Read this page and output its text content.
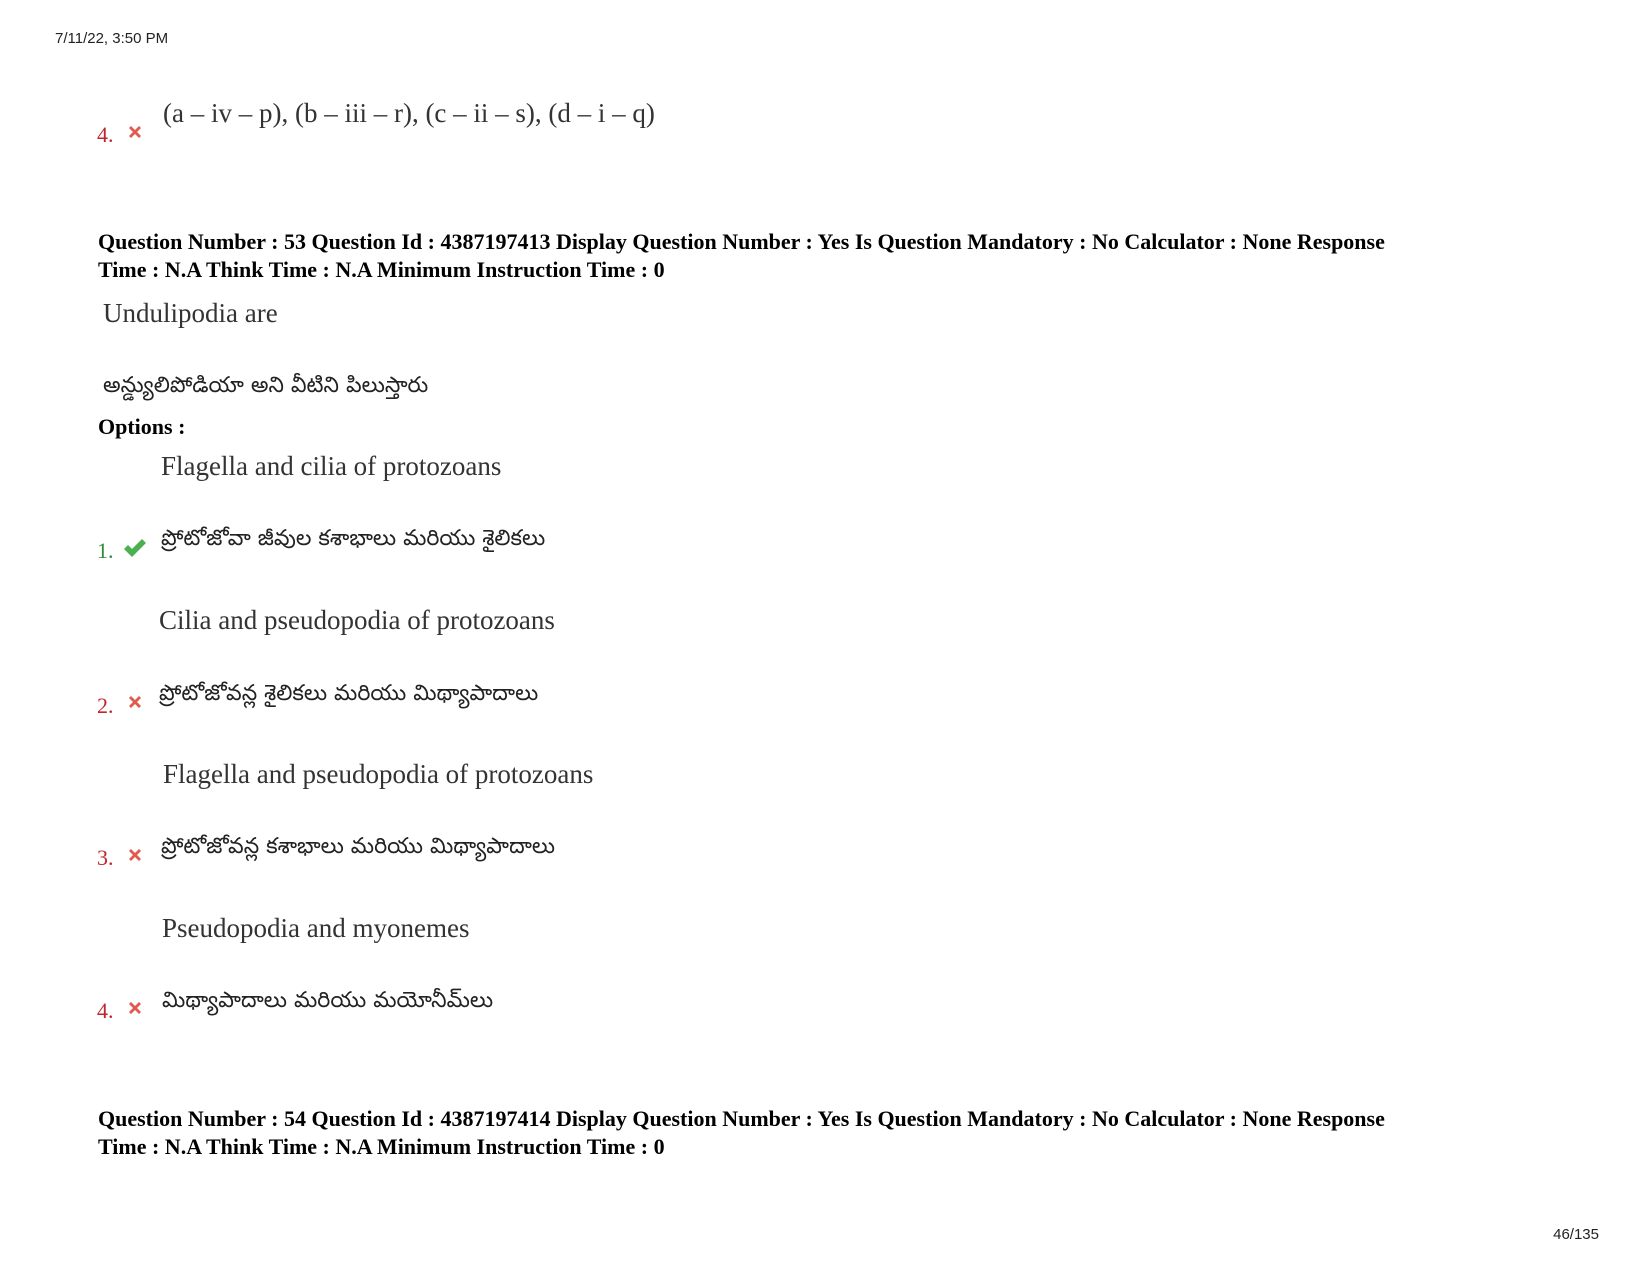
7/11/22, 3:50 PM
4.
(a – iv – p), (b – iii – r), (c – ii – s), (d – i – q)
Question Number : 53 Question Id : 4387197413 Display Question Number : Yes Is Question Mandatory : No Calculator : None Response
Time : N.A Think Time : N.A Minimum Instruction Time : 0
Undulipodia are
అన్డ్యులిపోడియా అని వీటిని పిలుస్తారు
Options :
Flagella and cilia of protozoans
ప్రోటోజోవా జీవుల కశాభాలు మరియు శైలికలు
1.
Cilia and pseudopodia of protozoans
ప్రోటోజోవన్ల శైలికలు మరియు మిథ్యాపాదాలు
2.
Flagella and pseudopodia of protozoans
ప్రోటోజోవన్ల కశాభాలు మరియు మిథ్యాపాదాలు
3.
Pseudopodia and myonemes
మిథ్యాపాదాలు మరియు మయోనీమ్‌లు
4.
Question Number : 54 Question Id : 4387197414 Display Question Number : Yes Is Question Mandatory : No Calculator : None Response
Time : N.A Think Time : N.A Minimum Instruction Time : 0
46/135
